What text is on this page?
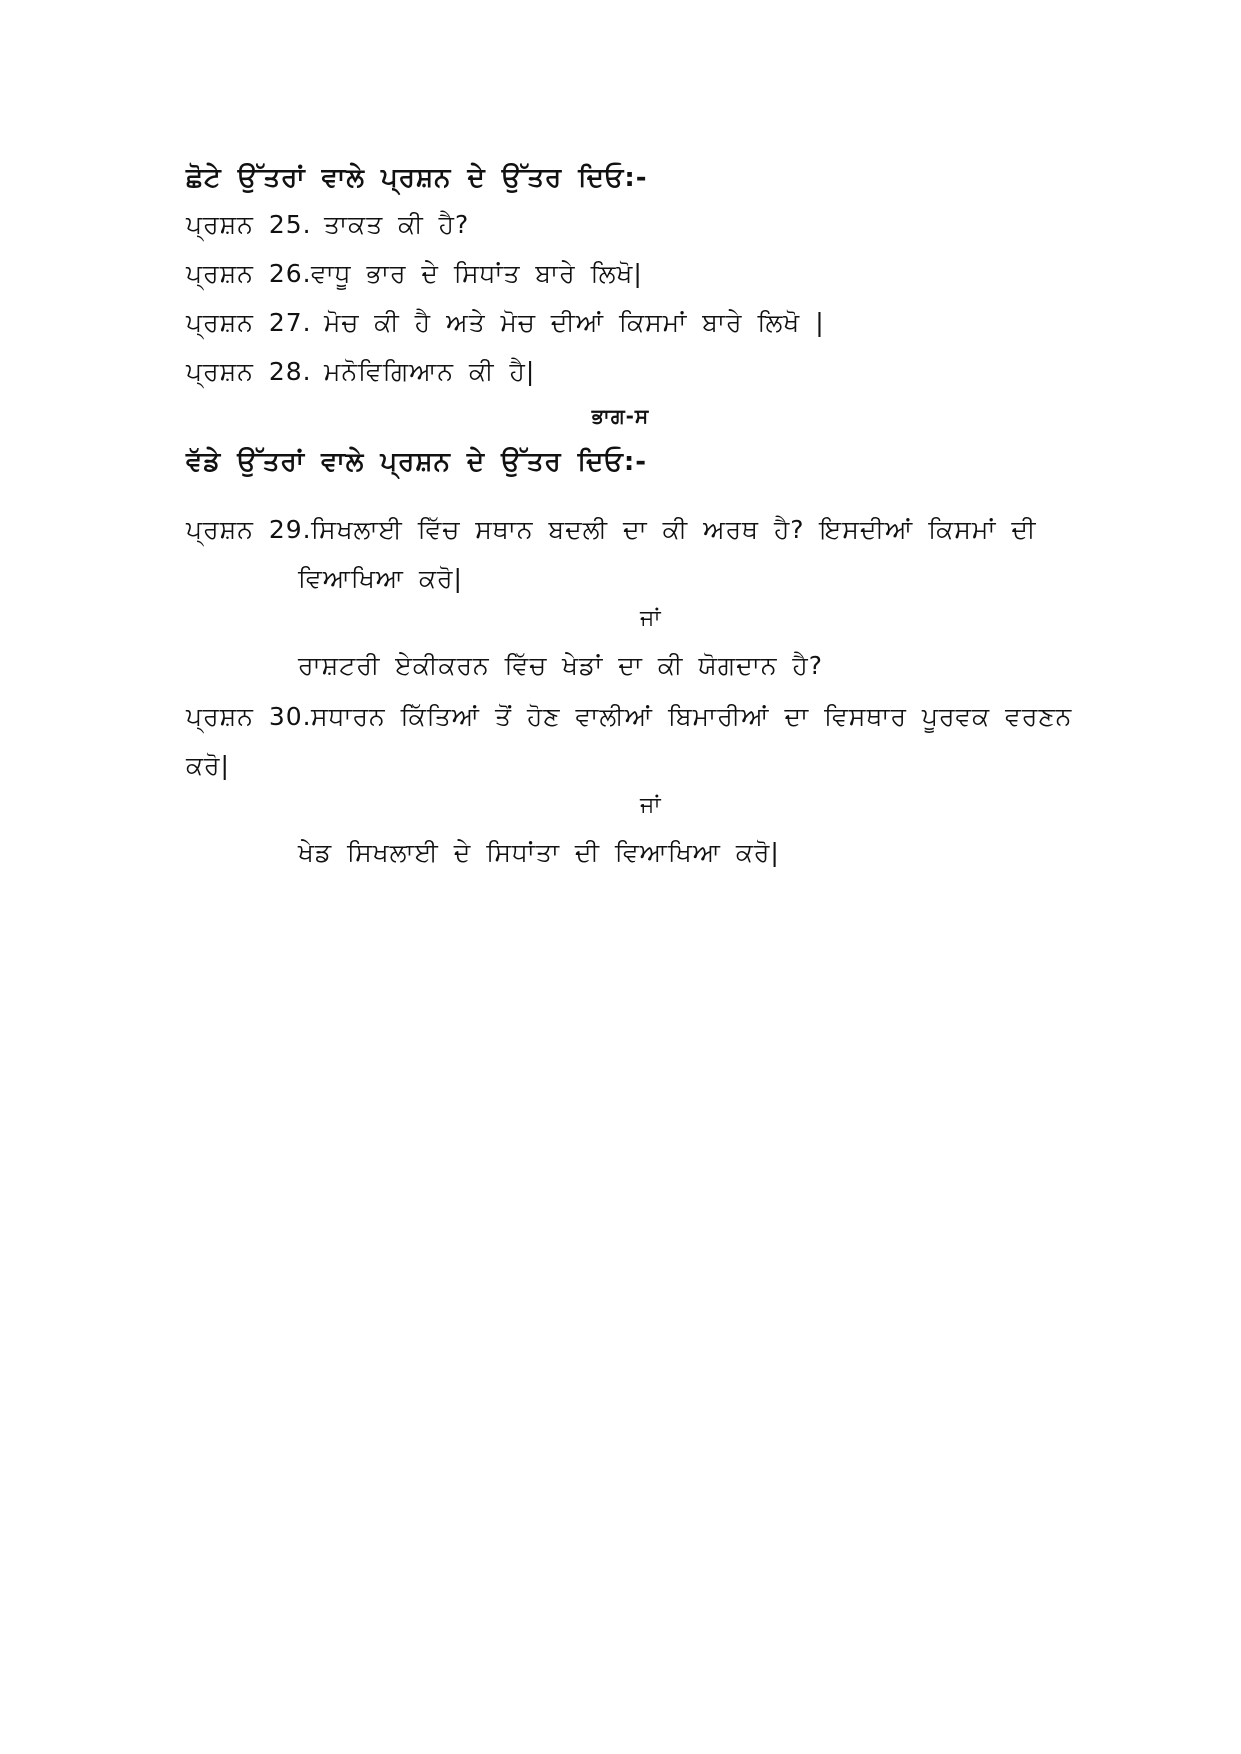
ਛੋਟੇ ਉੱਤਰਾਂ ਵਾਲੇ ਪ੍ਰਸ਼ਨ ਦੇ ਉੱਤਰ ਦਿਓ:-
ਪ੍ਰਸ਼ਨ 25. ਤਾਕਤ ਕੀ ਹੈ?
ਪ੍ਰਸ਼ਨ 26.ਵਾਧੂ ਭਾਰ ਦੇ ਸਿਧਾਂਤ ਬਾਰੇ ਲਿਖੋ|
ਪ੍ਰਸ਼ਨ 27. ਮੋਚ ਕੀ ਹੈ ਅਤੇ ਮੋਚ ਦੀਆਂ ਕਿਸਮਾਂ ਬਾਰੇ ਲਿਖੋ |
ਪ੍ਰਸ਼ਨ 28. ਮਨੋਵਿਗਿਆਨ ਕੀ ਹੈ|
ਭਾਗ-ਸ
ਵੱਡੇ ਉੱਤਰਾਂ ਵਾਲੇ ਪ੍ਰਸ਼ਨ ਦੇ ਉੱਤਰ ਦਿਓ:-
ਪ੍ਰਸ਼ਨ 29.ਸਿਖਲਾਈ ਵਿੱਚ ਸਥਾਨ ਬਦਲੀ ਦਾ ਕੀ ਅਰਥ ਹੈ? ਇਸਦੀਆਂ ਕਿਸਮਾਂ ਦੀ
ਵਿਆਖਿਆ ਕਰੋ|
ਜਾਂ
ਰਾਸ਼ਟਰੀ ਏਕੀਕਰਨ ਵਿੱਚ ਖੇਡਾਂ ਦਾ ਕੀ ਯੋਗਦਾਨ ਹੈ?
ਪ੍ਰਸ਼ਨ 30.ਸਧਾਰਨ ਕਿੱਤਿਆਂ ਤੋਂ ਹੋਣ ਵਾਲੀਆਂ ਬਿਮਾਰੀਆਂ ਦਾ ਵਿਸਥਾਰ ਪੂਰਵਕ ਵਰਣਨ
ਕਰੋ|
ਜਾਂ
ਖੇਡ ਸਿਖਲਾਈ ਦੇ ਸਿਧਾਂਤਾ ਦੀ ਵਿਆਖਿਆ ਕਰੋ|
